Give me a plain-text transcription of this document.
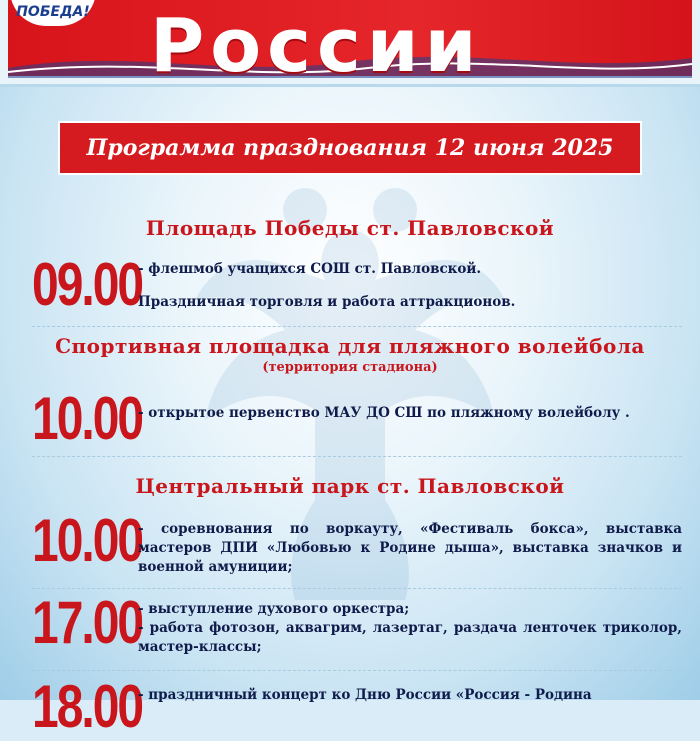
ПОБЕДА! России
Программа празднования 12 июня 2025
Площадь Победы ст. Павловской
09.00

- флешмоб учащихся СОШ ст. Павловской.

Праздничная торговля и работа аттракционов.

Спортивная площадка для пляжного волейбола
(территория стадиона)
10.00

- открытое первенство МАУ ДО СШ по пляжному волейболу .

Центральный парк ст. Павловской
10.00

- соревнования по воркауту, «Фестиваль бокса», выставка мастеров ДПИ «Любовью к Родине дыша», выставка значков и военной амуниции;

17.00

- выступление духового оркестра;

- работа фотозон, аквагрим, лазертаг, раздача ленточек триколор, мастер-классы;

18.00

- праздничный концерт ко Дню России «Россия - Родина
